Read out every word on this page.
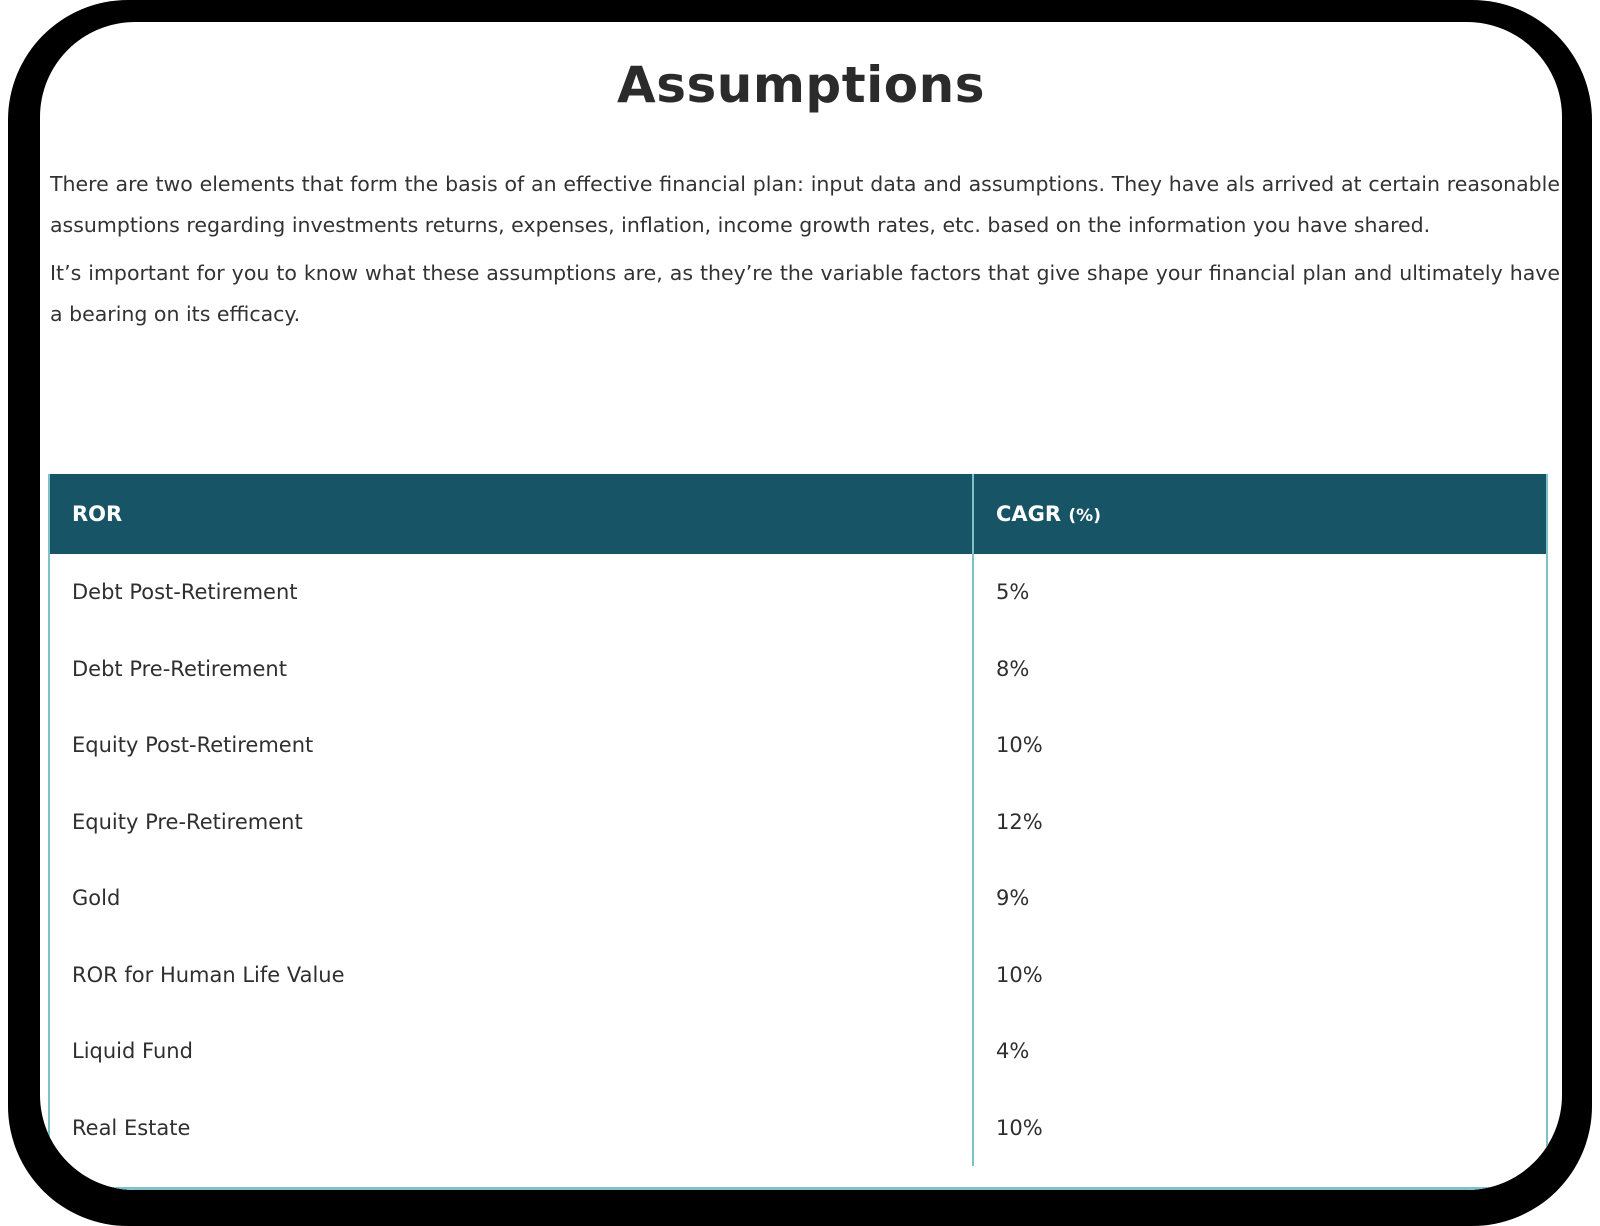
Assumptions

There are two elements that form the basis of an effective financial plan: input data and assumptions. They have als arrived at certain reasonable assumptions regarding investments returns, expenses, inflation, income growth rates, etc. based on the information you have shared.

It’s important for you to know what these assumptions are, as they’re the variable factors that give shape your financial plan and ultimately have a bearing on its efficacy.

ROR	CAGR (%)
Debt Post-Retirement	5%
Debt Pre-Retirement	8%
Equity Post-Retirement	10%
Equity Pre-Retirement	12%
Gold	9%
ROR for Human Life Value	10%
Liquid Fund	4%
Real Estate	10%
